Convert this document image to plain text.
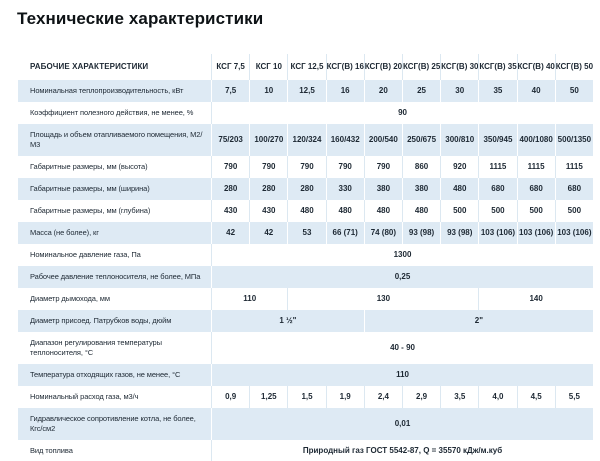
Технические характеристики
РАБОЧИЕ ХАРАКТЕРИСТИКИ	КСГ 7,5	КСГ 10	КСГ 12,5	КСГ(В) 16	КСГ(В) 20	КСГ(В) 25	КСГ(В) 30	КСГ(В) 35	КСГ(В) 40	КСГ(В) 50
Номинальная теплопроизводительность, кВт	7,5	10	12,5	16	20	25	30	35	40	50
Коэффициент полезного действия, не менее, %	90									
Площадь и объем отапливаемого помещения, М2/М3	75/203	100/270	120/324	160/432	200/540	250/675	300/810	350/945	400/1080	500/1350
Габаритные размеры, мм (высота)	790	790	790	790	790	860	920	1115	1115	1115
Габаритные размеры, мм (ширина)	280	280	280	330	380	380	480	680	680	680
Габаритные размеры, мм (глубина)	430	430	480	480	480	480	500	500	500	500
Масса (не более), кг	42	42	53	66 (71)	74 (80)	93 (98)	93 (98)	103 (106)	103 (106)	103 (106)
Номинальное давление газа, Па	1300									
Рабочее давление теплоносителя, не более, МПа	0,25									
Диаметр дымохода, мм	110		130					140		
Диаметр присоед. Патрубков воды, дюйм	1 ½"				2"					
Диапазон регулирования температуры теплоносителя, °С	40 - 90									
Температура отходящих газов, не менее, °С	110									
Номинальный расход газа, м3/ч	0,9	1,25	1,5	1,9	2,4	2,9	3,5	4,0	4,5	5,5
Гидравлическое сопротивление котла, не более, Кгс/см2	0,01									
Вид топлива	Природный газ ГОСТ 5542-87, Q = 35570 кДж/м.куб									
